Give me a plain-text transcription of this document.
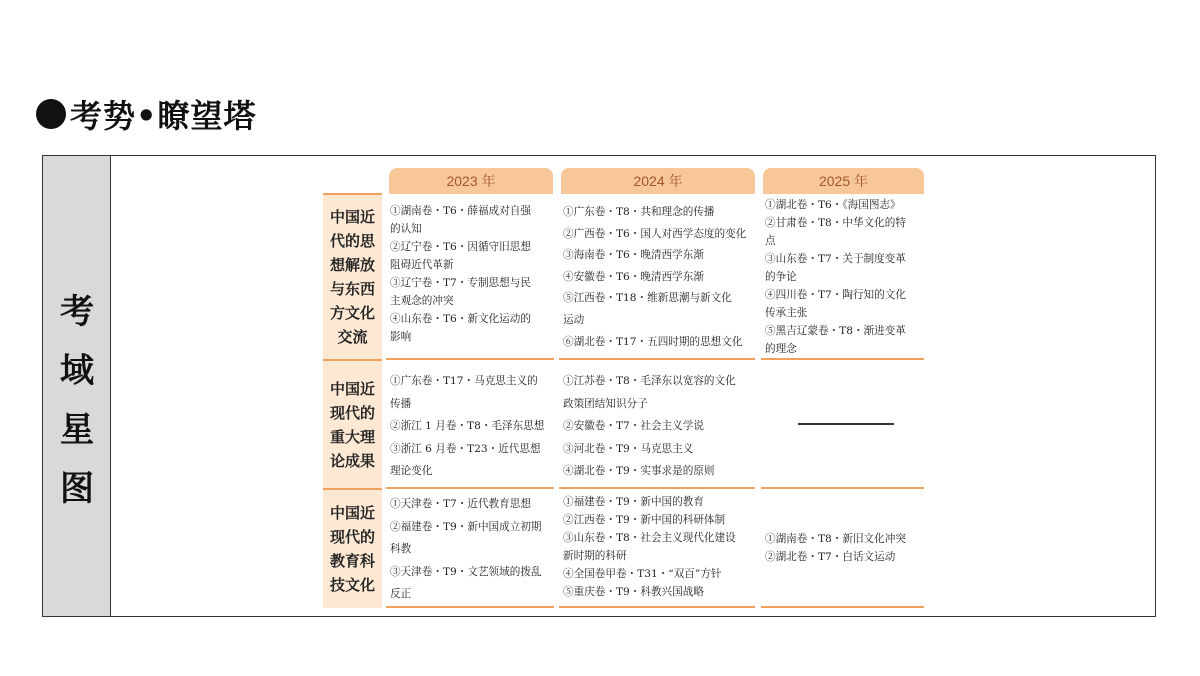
考势•瞭望塔
考
域
星
图
2023 年	2024 年	2025 年
中国近
代的思
想解放
与东西
方文化
交流
①湖南卷・T6・薛福成对自强
的认知
②辽宁卷・T6・因循守旧思想
阻碍近代革新
③辽宁卷・T7・专制思想与民
主观念的冲突
④山东卷・T6・新文化运动的
影响
①广东卷・T8・共和理念的传播
②广西卷・T6・国人对西学态度的变化
③海南卷・T6・晚清西学东渐
④安徽卷・T6・晚清西学东渐
⑤江西卷・T18・维新思潮与新文化
运动
⑥湖北卷・T17・五四时期的思想文化
①湖北卷・T6・《海国图志》
②甘肃卷・T8・中华文化的特
点
③山东卷・T7・关于制度变革
的争论
④四川卷・T7・陶行知的文化
传承主张
⑤黑吉辽蒙卷・T8・渐进变革
的理念
中国近
现代的
重大理
论成果
①广东卷・T17・马克思主义的
传播
②浙江 1 月卷・T8・毛泽东思想
③浙江 6 月卷・T23・近代思想
理论变化
①江苏卷・T8・毛泽东以宽容的文化
政策团结知识分子
②安徽卷・T7・社会主义学说
③河北卷・T9・马克思主义
④湖北卷・T9・实事求是的原则
中国近
现代的
教育科
技文化
①天津卷・T7・近代教育思想
②福建卷・T9・新中国成立初期
科教
③天津卷・T9・文艺领域的拨乱
反正
①福建卷・T9・新中国的教育
②江西卷・T9・新中国的科研体制
③山东卷・T8・社会主义现代化建设
新时期的科研
④全国卷甲卷・T31・“双百”方针
⑤重庆卷・T9・科教兴国战略
①湖南卷・T8・新旧文化冲突
②湖北卷・T7・白话文运动
